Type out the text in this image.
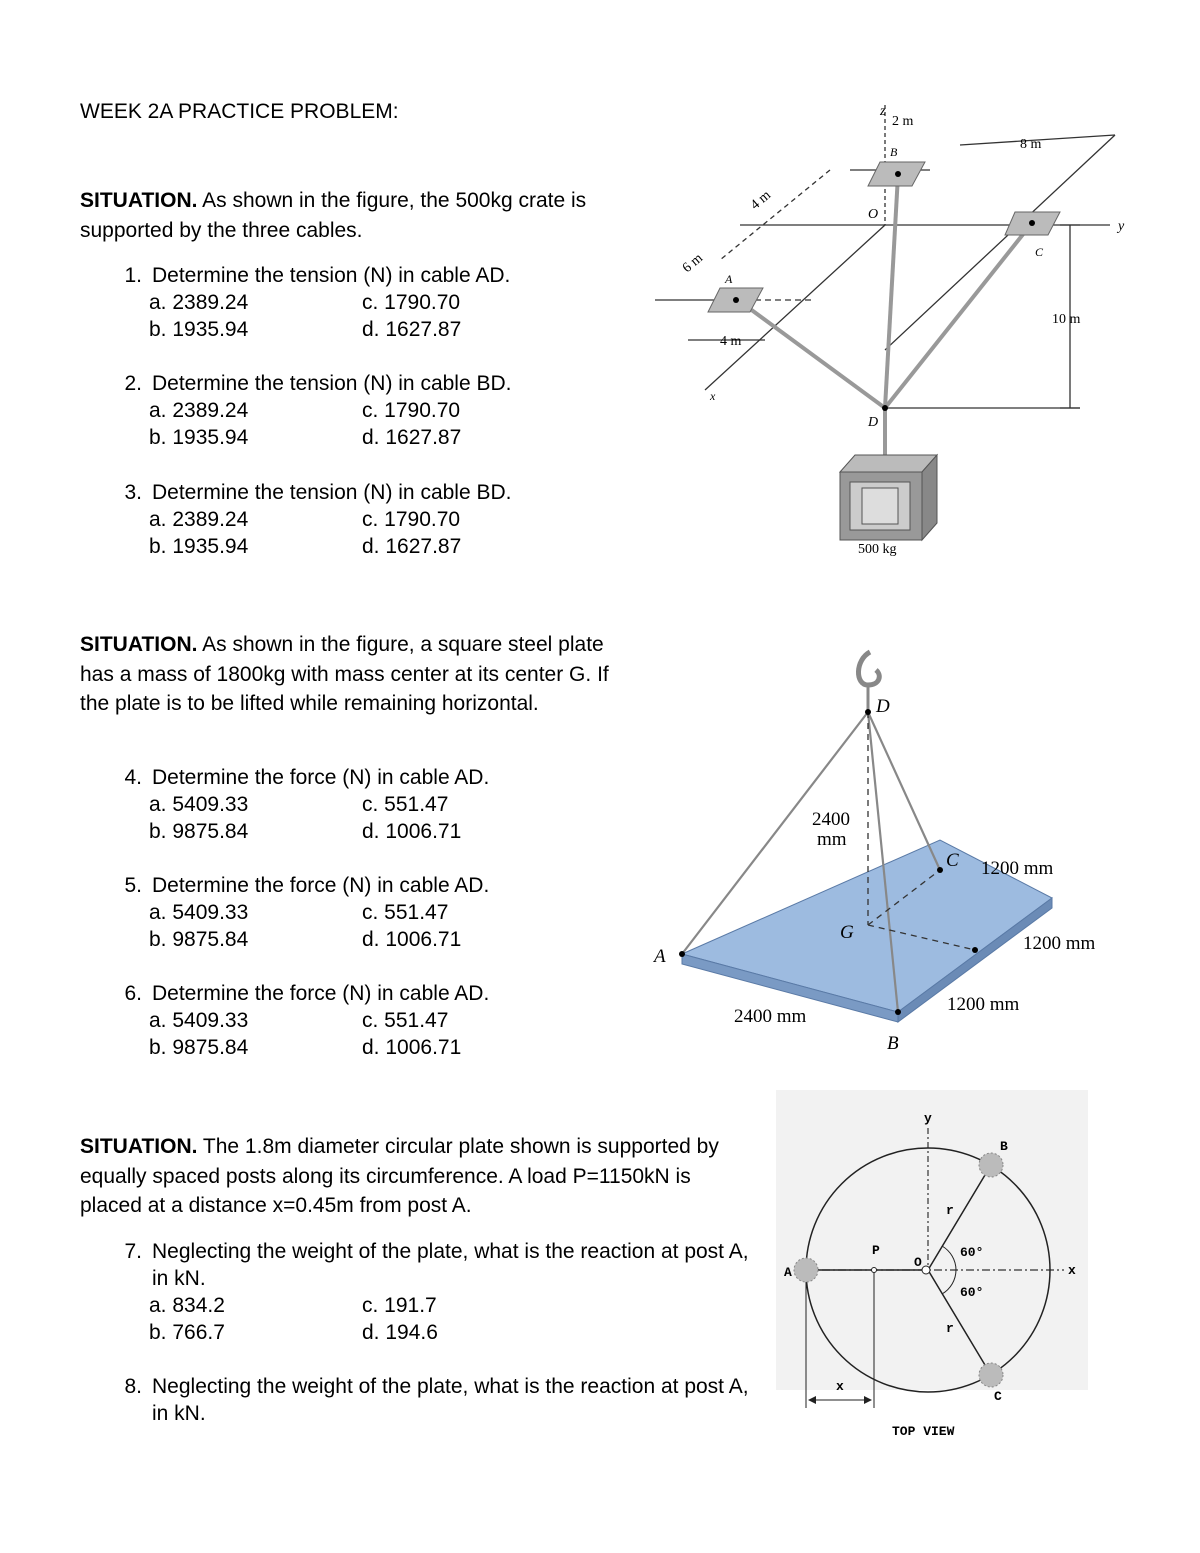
WEEK 2A PRACTICE PROBLEM:
SITUATION. As shown in the figure, the 500kg crate is supported by the three cables.
1. Determine the tension (N) in cable AD.
a. 2389.24	c. 1790.70
b. 1935.94	d. 1627.87
2. Determine the tension (N) in cable BD.
a. 2389.24	c. 1790.70
b. 1935.94	d. 1627.87
3. Determine the tension (N) in cable BD.
a. 2389.24	c. 1790.70
b. 1935.94	d. 1627.87
SITUATION. As shown in the figure, a square steel plate has a mass of 1800kg with mass center at its center G. If the plate is to be lifted while remaining horizontal.
4. Determine the force (N) in cable AD.
a. 5409.33	c. 551.47
b. 9875.84	d. 1006.71
5. Determine the force (N) in cable AD.
a. 5409.33	c. 551.47
b. 9875.84	d. 1006.71
6. Determine the force (N) in cable AD.
a. 5409.33	c. 551.47
b. 9875.84	d. 1006.71
SITUATION. The 1.8m diameter circular plate shown is supported by equally spaced posts along its circumference. A load P=1150kN is placed at a distance x=0.45m from post A.
7. Neglecting the weight of the plate, what is the reaction at post A, in kN.
a. 834.2	c. 191.7
b. 766.7	d. 194.6
8. Neglecting the weight of the plate, what is the reaction at post A, in kN.
z
2 m
8 m
B
y
4 m
O
C
6 m
A
10 m
4 m
x
D
500 kg
D
2400
mm
C 1200 mm
G
1200 mm
A
1200 mm
2400 mm
B
y
B
r
P
O
60°
x
A
60°
r
x
C
TOP VIEW
